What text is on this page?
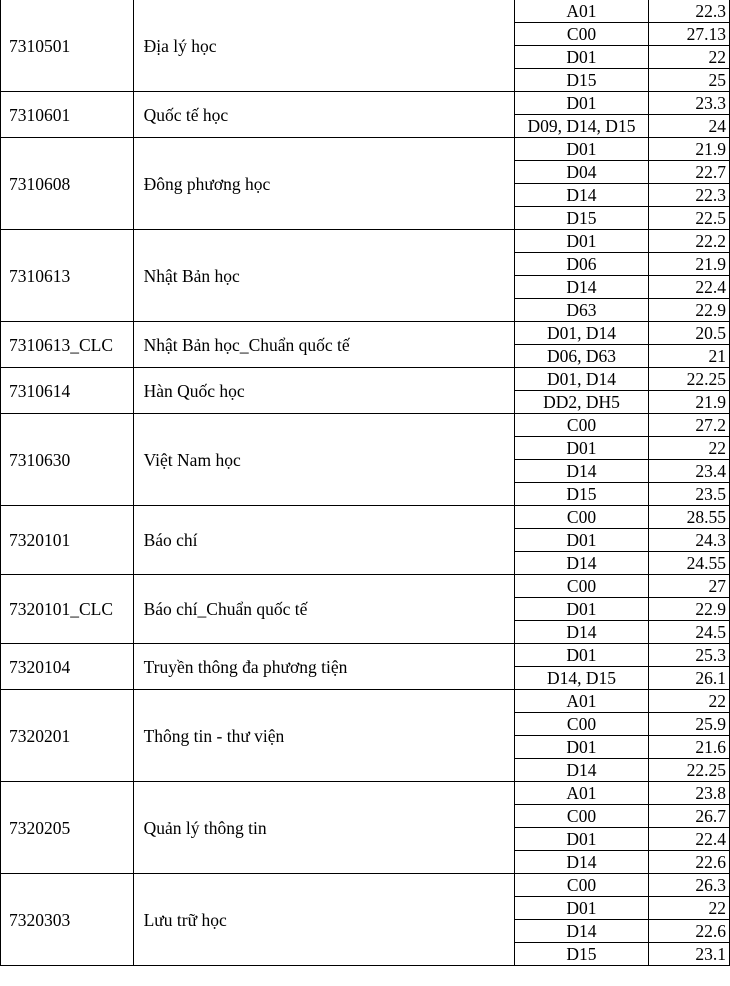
7310501	Địa lý học	A01	22.3
		C00	27.13
		D01	22
		D15	25
7310601	Quốc tế học	D01	23.3
		D09, D14, D15	24
7310608	Đông phương học	D01	21.9
		D04	22.7
		D14	22.3
		D15	22.5
7310613	Nhật Bản học	D01	22.2
		D06	21.9
		D14	22.4
		D63	22.9
7310613_CLC	Nhật Bản học_Chuẩn quốc tế	D01, D14	20.5
		D06, D63	21
7310614	Hàn Quốc học	D01, D14	22.25
		DD2, DH5	21.9
7310630	Việt Nam học	C00	27.2
		D01	22
		D14	23.4
		D15	23.5
7320101	Báo chí	C00	28.55
		D01	24.3
		D14	24.55
7320101_CLC	Báo chí_Chuẩn quốc tế	C00	27
		D01	22.9
		D14	24.5
7320104	Truyền thông đa phương tiện	D01	25.3
		D14, D15	26.1
7320201	Thông tin - thư viện	A01	22
		C00	25.9
		D01	21.6
		D14	22.25
7320205	Quản lý thông tin	A01	23.8
		C00	26.7
		D01	22.4
		D14	22.6
7320303	Lưu trữ học	C00	26.3
		D01	22
		D14	22.6
		D15	23.1
